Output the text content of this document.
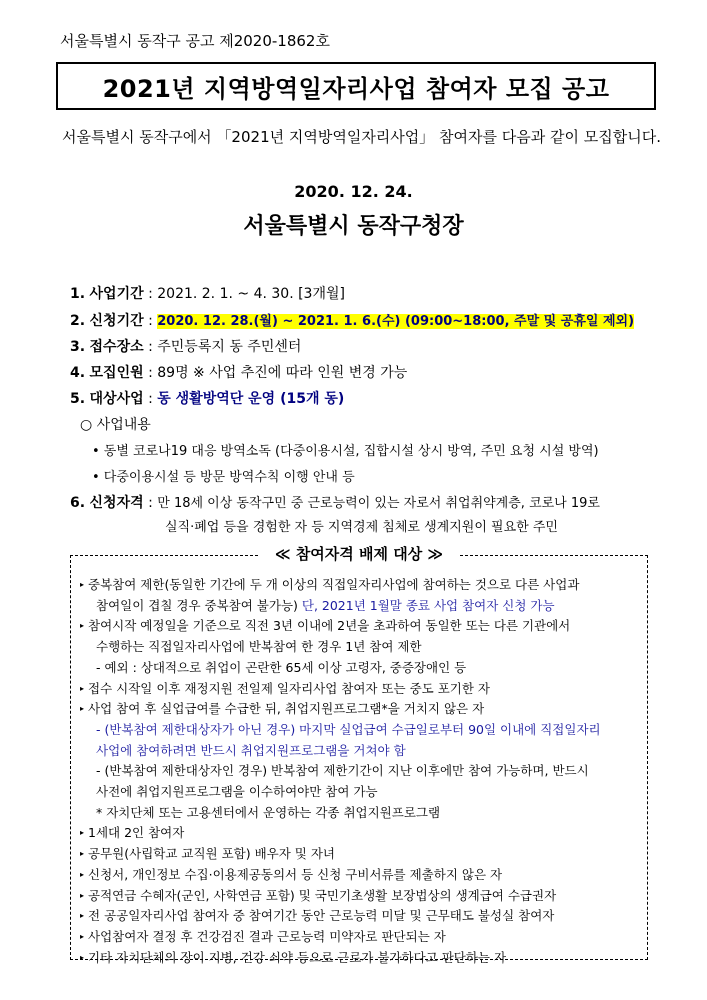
서울특별시 동작구 공고 제2020-1862호
2021년 지역방역일자리사업 참여자 모집 공고
서울특별시 동작구에서 「2021년 지역방역일자리사업」 참여자를 다음과 같이 모집합니다.
2020. 12. 24.
서울특별시 동작구청장
1. 사업기간 : 2021. 2. 1. ~ 4. 30. [3개월]
2. 신청기간 : 2020. 12. 28.(월) ~ 2021. 1. 6.(수) (09:00~18:00, 주말 및 공휴일 제외)
3. 접수장소 : 주민등록지 동 주민센터
4. 모집인원 : 89명 ※ 사업 추진에 따라 인원 변경 가능
5. 대상사업 : 동 생활방역단 운영 (15개 동)
○ 사업내용
• 동별 코로나19 대응 방역소독 (다중이용시설, 집합시설 상시 방역, 주민 요청 시설 방역)
• 다중이용시설 등 방문 방역수칙 이행 안내 등
6. 신청자격 : 만 18세 이상 동작구민 중 근로능력이 있는 자로서 취업취약계층, 코로나 19로
실직·폐업 등을 경험한 자 등 지역경제 침체로 생계지원이 필요한 주민
≪ 참여자격 배제 대상 ≫
▸ 중복참여 제한(동일한 기간에 두 개 이상의 직접일자리사업에 참여하는 것으로 다른 사업과
참여일이 겹칠 경우 중복참여 불가능) 단, 2021년 1월말 종료 사업 참여자 신청 가능
▸ 참여시작 예정일을 기준으로 직전 3년 이내에 2년을 초과하여 동일한 또는 다른 기관에서
수행하는 직접일자리사업에 반복참여 한 경우 1년 참여 제한
- 예외 : 상대적으로 취업이 곤란한 65세 이상 고령자, 중증장애인 등
▸ 접수 시작일 이후 재정지원 전일제 일자리사업 참여자 또는 중도 포기한 자
▸ 사업 참여 후 실업급여를 수급한 뒤, 취업지원프로그램*을 거치지 않은 자
- (반복참여 제한대상자가 아닌 경우) 마지막 실업급여 수급일로부터 90일 이내에 직접일자리
사업에 참여하려면 반드시 취업지원프로그램을 거쳐야 함
- (반복참여 제한대상자인 경우) 반복참여 제한기간이 지난 이후에만 참여 가능하며, 반드시
사전에 취업지원프로그램을 이수하여야만 참여 가능
* 자치단체 또는 고용센터에서 운영하는 각종 취업지원프로그램
▸ 1세대 2인 참여자
▸ 공무원(사립학교 교직원 포함) 배우자 및 자녀
▸ 신청서, 개인정보 수집·이용제공동의서 등 신청 구비서류를 제출하지 않은 자
▸ 공적연금 수혜자(군인, 사학연금 포함) 및 국민기초생활 보장법상의 생계급여 수급권자
▸ 전 공공일자리사업 참여자 중 참여기간 동안 근로능력 미달 및 근무태도 불성실 참여자
▸ 사업참여자 결정 후 건강검진 결과 근로능력 미약자로 판단되는 자
▸ 기타 자치단체의 장이 지병, 건강 쇠약 등으로 근로가 불가하다고 판단하는 자
